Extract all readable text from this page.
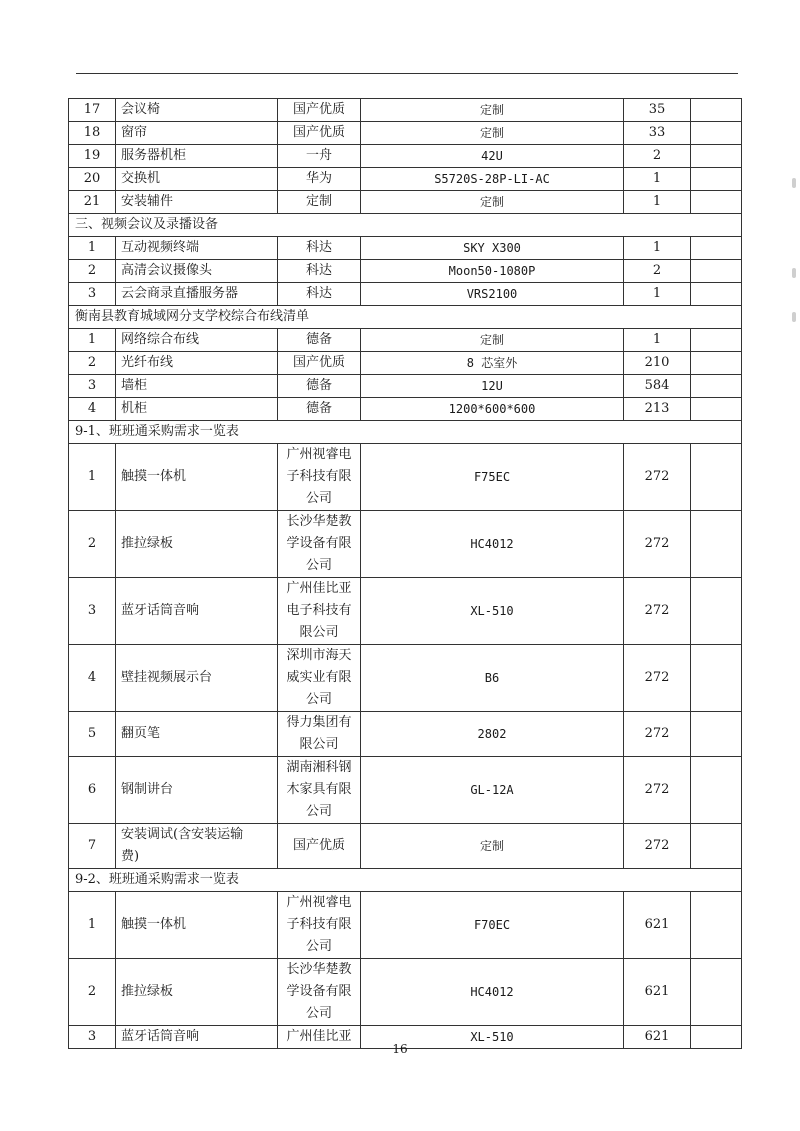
17	会议椅	国产优质	定制	35	
18	窗帘	国产优质	定制	33	
19	服务器机柜	一舟	42U	2	
20	交换机	华为	S5720S-28P-LI-AC	1	
21	安装辅件	定制	定制	1	
三、视频会议及录播设备					
1	互动视频终端	科达	SKY X300	1	
2	高清会议摄像头	科达	Moon50-1080P	2	
3	云会商录直播服务器	科达	VRS2100	1	
衡南县教育城域网分支学校综合布线清单					
1	网络综合布线	德备	定制	1	
2	光纤布线	国产优质	8 芯室外	210	
3	墙柜	德备	12U	584	
4	机柜	德备	1200*600*600	213	
9-1、班班通采购需求一览表					
1	触摸一体机	广州视睿电
子科技有限
公司	F75EC	272	
2	推拉绿板	长沙华楚教
学设备有限
公司	HC4012	272	
3	蓝牙话筒音响	广州佳比亚
电子科技有
限公司	XL-510	272	
4	壁挂视频展示台	深圳市海天
威实业有限
公司	B6	272	
5	翻页笔	得力集团有
限公司	2802	272	
6	钢制讲台	湖南湘科钢
木家具有限
公司	GL-12A	272	
7	安装调试(含安装运输
费)	国产优质	定制	272	
9-2、班班通采购需求一览表					
1	触摸一体机	广州视睿电
子科技有限
公司	F70EC	621	
2	推拉绿板	长沙华楚教
学设备有限
公司	HC4012	621	
3	蓝牙话筒音响	广州佳比亚	XL-510	621	
16
